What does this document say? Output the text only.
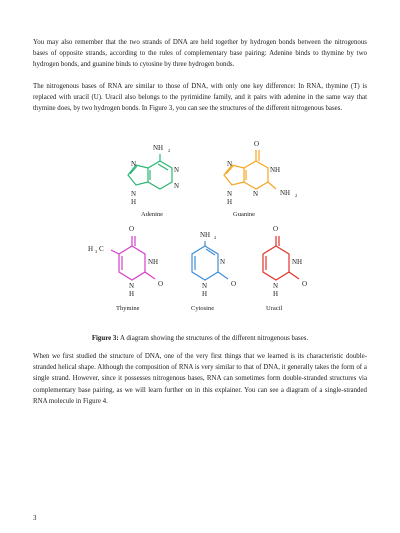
You may also remember that the two strands of DNA are held together by hydrogen bonds between the nitrogenous bases of opposite strands, according to the rules of complementary base pairing: Adenine binds to thymine by two hydrogen bonds, and guanine binds to cytosine by three hydrogen bonds.

The nitrogenous bases of RNA are similar to those of DNA, with only one key difference: In RNA, thymine (T) is replaced with uracil (U). Uracil also belongs to the pyrimidine family, and it pairs with adenine in the same way that thymine does, by two hydrogen bonds. In Figure 3, you can see the structures of the different nitrogenous bases.

NH 2
N
N
N
N
H
Adenine
O
N
NH
N
N	NH 2
H
Guanine
O
H 3 C
NH
N
H
O
Thymine
NH 2
N
N
H
O
Cytosine
O
NH
N
H
O
Uracil
Figure 3: A diagram showing the structures of the different nitrogenous bases.

When we first studied the structure of DNA, one of the very first things that we learned is its characteristic double-stranded helical shape. Although the composition of RNA is very similar to that of DNA, it generally takes the form of a single strand. However, since it possesses nitrogenous bases, RNA can sometimes form double-stranded structures via complementary base pairing, as we will learn further on in this explainer. You can see a diagram of a single-stranded RNA molecule in Figure 4.

3
